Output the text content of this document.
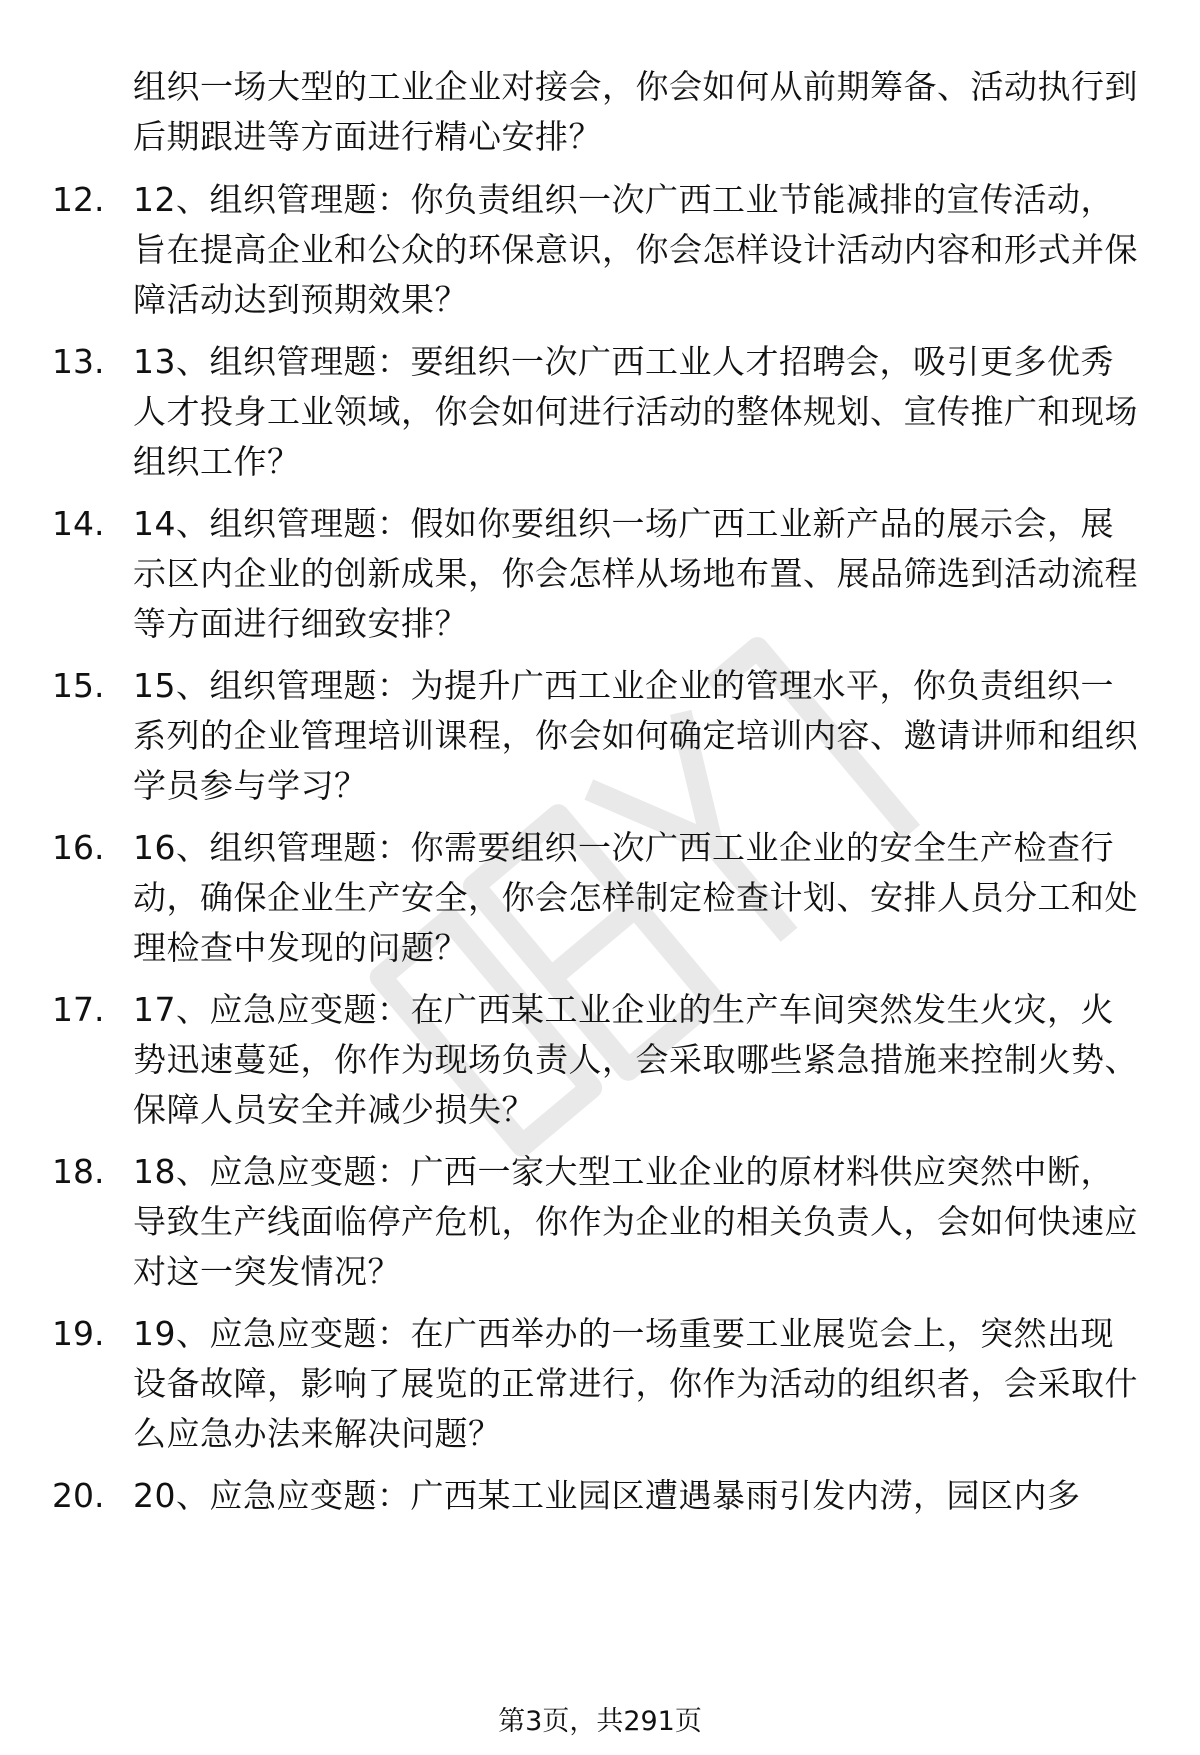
组织一场大型的工业企业对接会，你会如何从前期筹备、活动执行到后期跟进等方面进行精心安排？
12. 12、组织管理题：你负责组织一次广西工业节能减排的宣传活动，旨在提高企业和公众的环保意识，你会怎样设计活动内容和形式并保障活动达到预期效果？
13. 13、组织管理题：要组织一次广西工业人才招聘会，吸引更多优秀人才投身工业领域，你会如何进行活动的整体规划、宣传推广和现场组织工作？
14. 14、组织管理题：假如你要组织一场广西工业新产品的展示会，展示区内企业的创新成果，你会怎样从场地布置、展品筛选到活动流程等方面进行细致安排？
15. 15、组织管理题：为提升广西工业企业的管理水平，你负责组织一系列的企业管理培训课程，你会如何确定培训内容、邀请讲师和组织学员参与学习？
16. 16、组织管理题：你需要组织一次广西工业企业的安全生产检查行动，确保企业生产安全，你会怎样制定检查计划、安排人员分工和处理检查中发现的问题？
17. 17、应急应变题：在广西某工业企业的生产车间突然发生火灾，火势迅速蔓延，你作为现场负责人，会采取哪些紧急措施来控制火势、保障人员安全并减少损失？
18. 18、应急应变题：广西一家大型工业企业的原材料供应突然中断，导致生产线面临停产危机，你作为企业的相关负责人，会如何快速应对这一突发情况？
19. 19、应急应变题：在广西举办的一场重要工业展览会上，突然出现设备故障，影响了展览的正常进行，你作为活动的组织者，会采取什么应急办法来解决问题？
20. 20、应急应变题：广西某工业园区遭遇暴雨引发内涝，园区内多
第3页，共291页
